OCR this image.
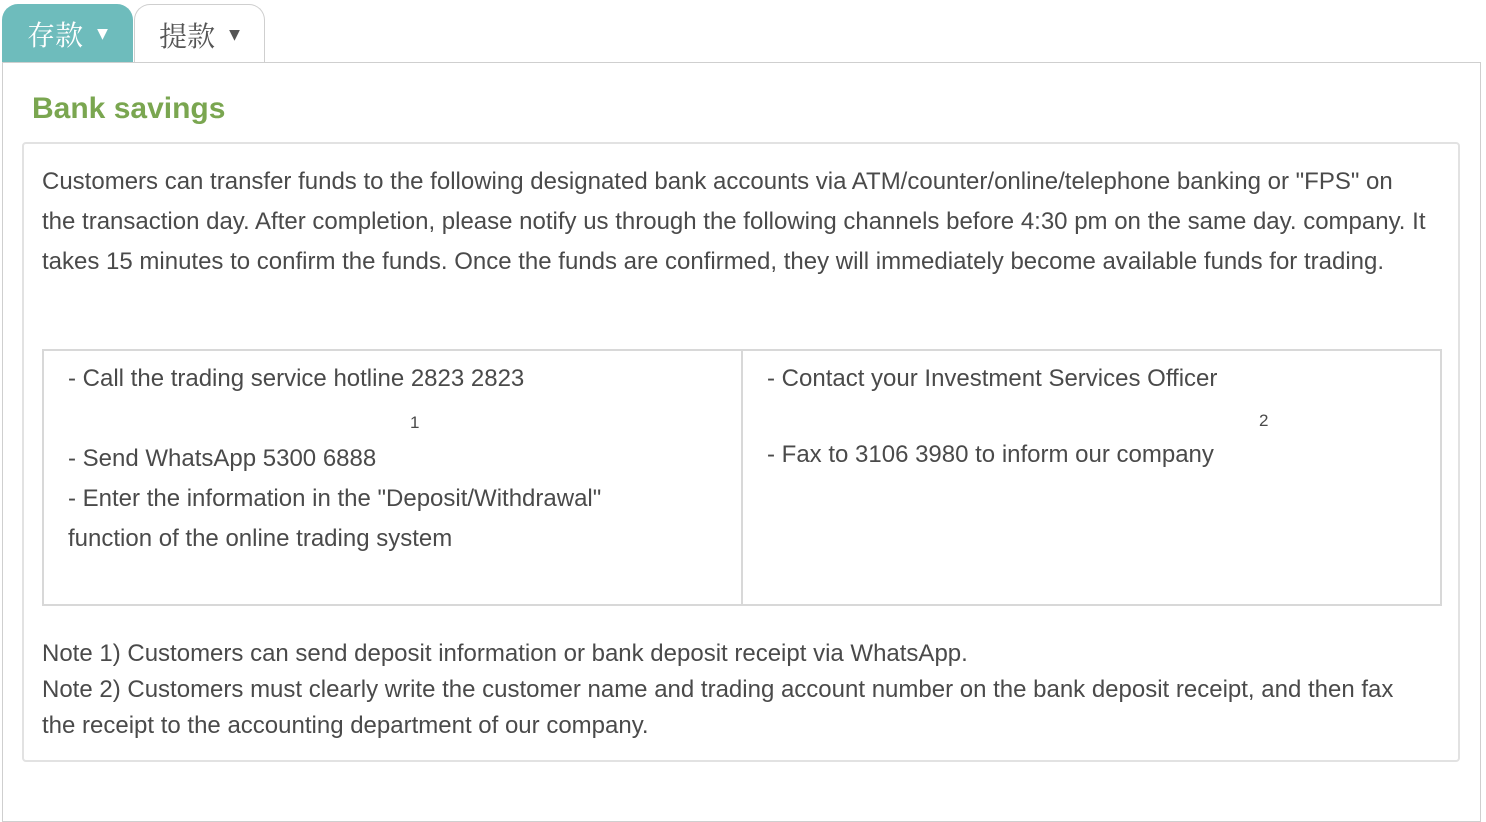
存款 ▼ 提款 ▼
Bank savings
Customers can transfer funds to the following designated bank accounts via ATM/counter/online/telephone banking or "FPS" on the transaction day. After completion, please notify us through the following channels before 4:30 pm on the same day. company. It takes 15 minutes to confirm the funds. Once the funds are confirmed, they will immediately become available funds for trading.
- Call the trading service hotline 2823 2823
1
- Send WhatsApp 5300 6888
- Enter the information in the "Deposit/Withdrawal" function of the online trading system
- Contact your Investment Services Officer
2
- Fax to 3106 3980 to inform our company
Note 1) Customers can send deposit information or bank deposit receipt via WhatsApp.
Note 2) Customers must clearly write the customer name and trading account number on the bank deposit receipt, and then fax the receipt to the accounting department of our company.
